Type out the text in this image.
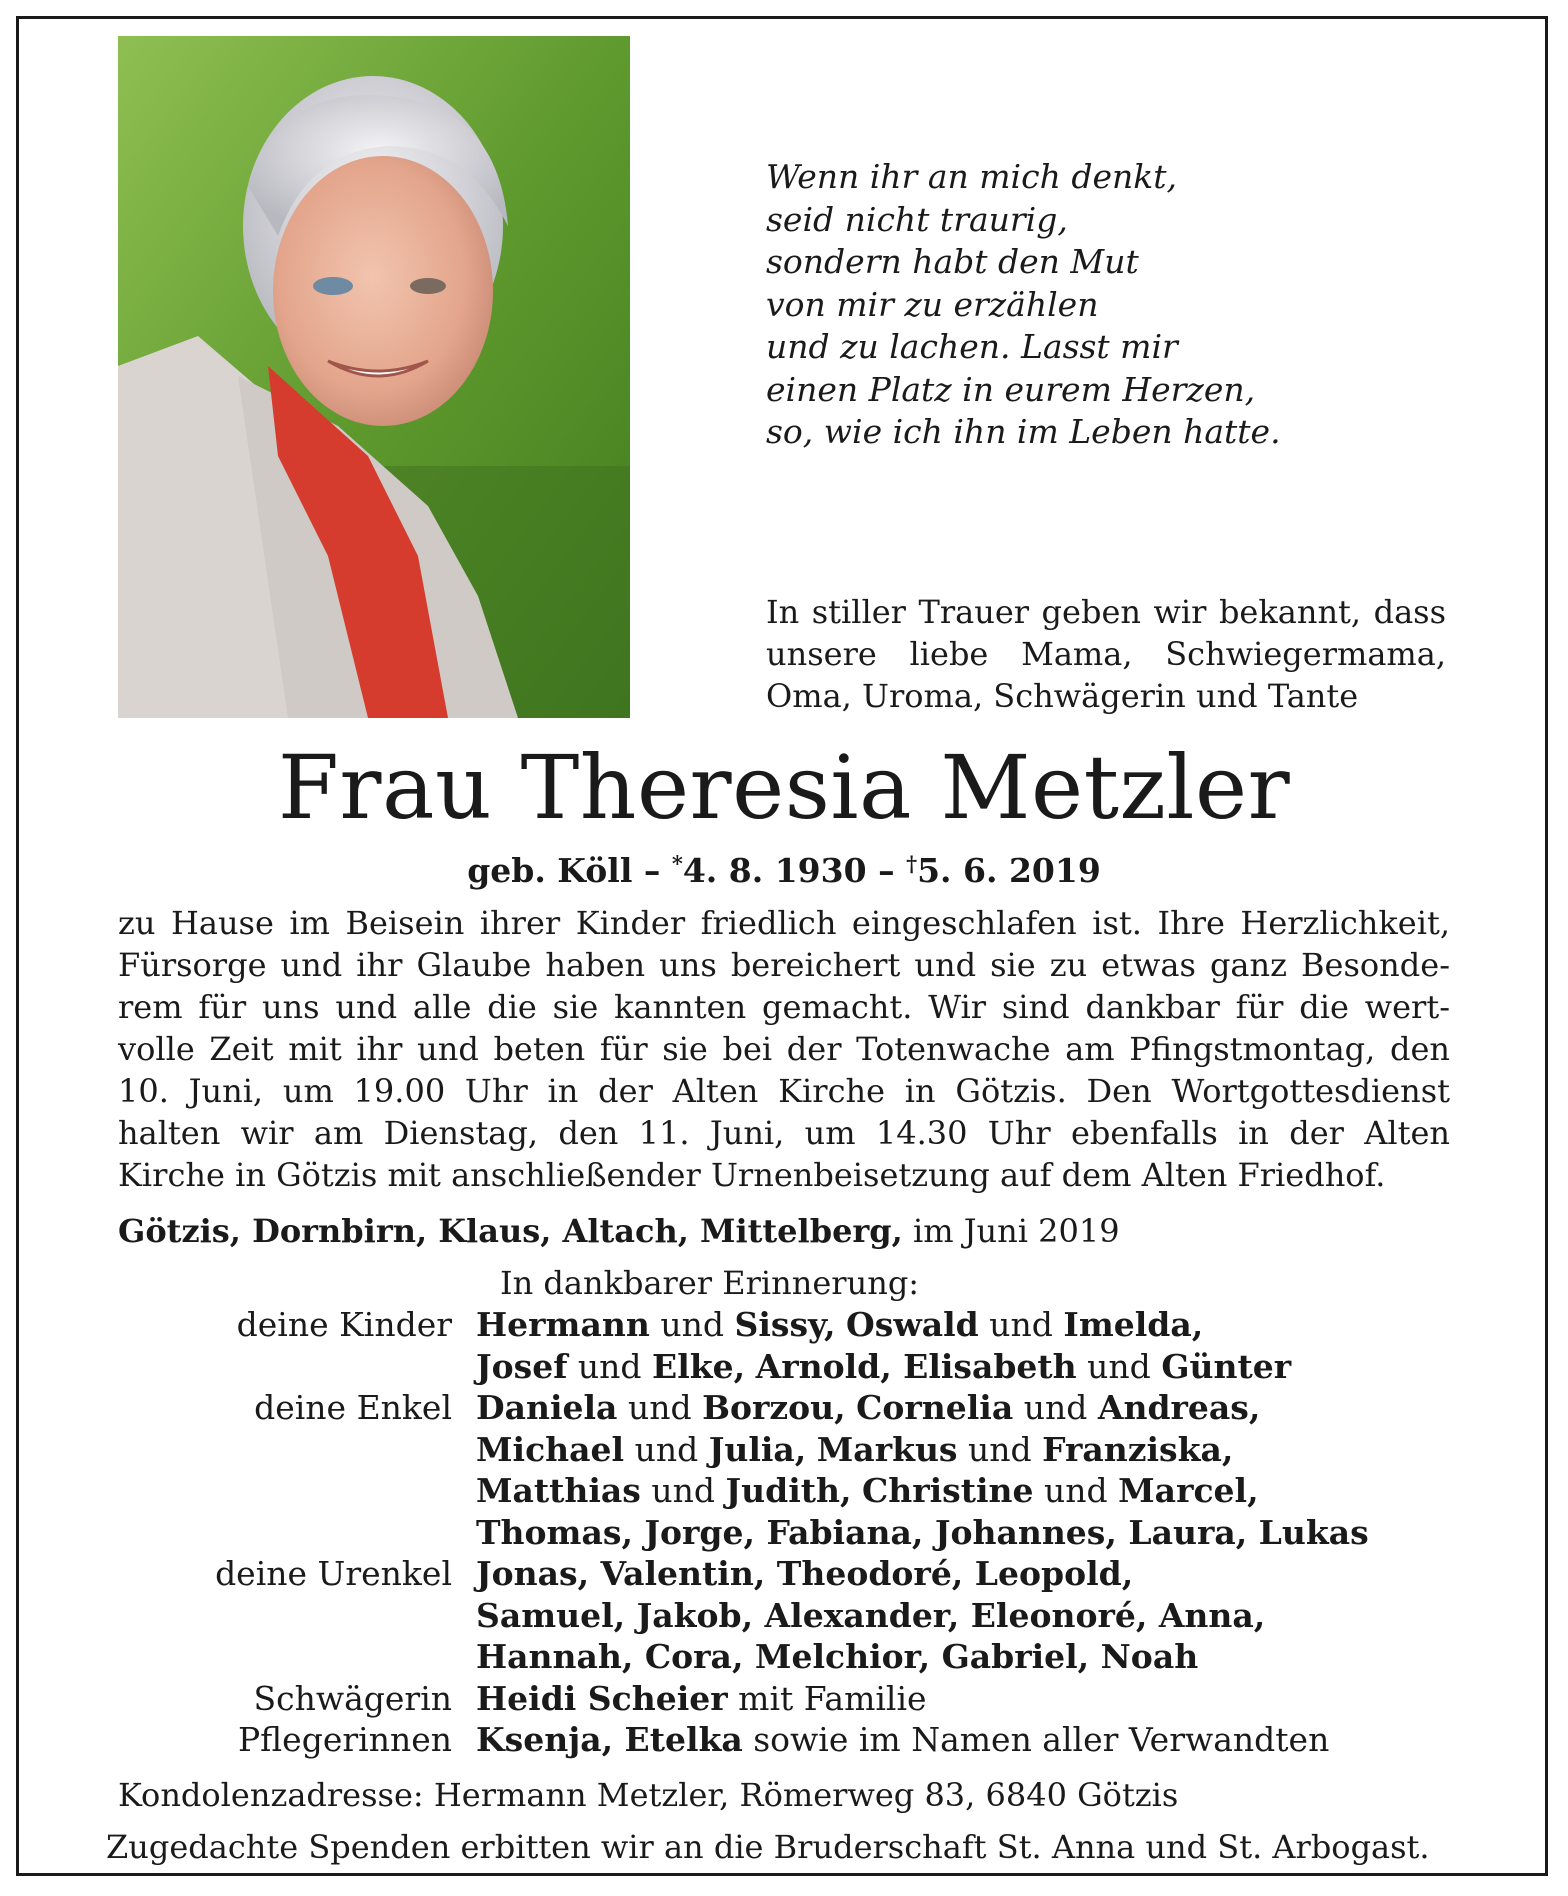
Wenn ihr an mich denkt,
seid nicht traurig,
sondern habt den Mut
von mir zu erzählen
und zu lachen. Lasst mir
einen Platz in eurem Herzen,
so, wie ich ihn im Leben hatte.
In stiller Trauer geben wir bekannt, dass unsere liebe Mama, Schwiegermama, Oma, Uroma, Schwägerin und Tante
Frau Theresia Metzler
geb. Köll – *4. 8. 1930 – †5. 6. 2019
zu Hause im Beisein ihrer Kinder friedlich eingeschlafen ist. Ihre Herzlichkeit,
Fürsorge und ihr Glaube haben uns bereichert und sie zu etwas ganz Besonde-
rem für uns und alle die sie kannten gemacht. Wir sind dankbar für die wert-
volle Zeit mit ihr und beten für sie bei der Totenwache am Pfingstmontag, den
10. Juni, um 19.00 Uhr in der Alten Kirche in Götzis. Den Wortgottesdienst
halten wir am Dienstag, den 11. Juni, um 14.30 Uhr ebenfalls in der Alten
Kirche in Götzis mit anschließender Urnenbeisetzung auf dem Alten Friedhof.
Götzis, Dornbirn, Klaus, Altach, Mittelberg, im Juni 2019
In dankbarer Erinnerung:
deine Kinder Hermann und Sissy, Oswald und Imelda,
Josef und Elke, Arnold, Elisabeth und Günter
deine Enkel Daniela und Borzou, Cornelia und Andreas,
Michael und Julia, Markus und Franziska,
Matthias und Judith, Christine und Marcel,
Thomas, Jorge, Fabiana, Johannes, Laura, Lukas
deine Urenkel Jonas, Valentin, Theodoré, Leopold,
Samuel, Jakob, Alexander, Eleonoré, Anna,
Hannah, Cora, Melchior, Gabriel, Noah
Schwägerin Heidi Scheier mit Familie
Pflegerinnen Ksenja, Etelka sowie im Namen aller Verwandten
Kondolenzadresse: Hermann Metzler, Römerweg 83, 6840 Götzis
Zugedachte Spenden erbitten wir an die Bruderschaft St. Anna und St. Arbogast.
